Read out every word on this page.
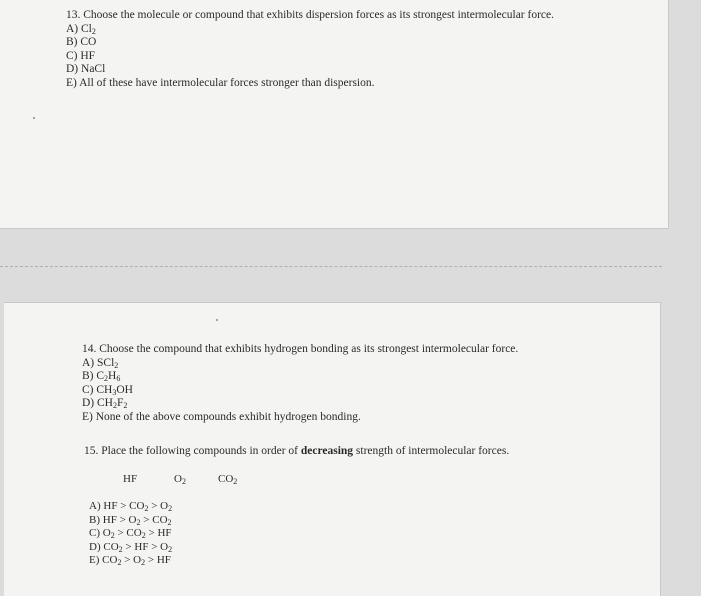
13. Choose the molecule or compound that exhibits dispersion forces as its strongest intermolecular force.

A) $Cl_2$

B) CO

C) HF

D) NaCl

E) All of these have intermolecular forces stronger than dispersion.

14. Choose the compound that exhibits hydrogen bonding as its strongest intermolecular force.

A) SCl$_2$

B) $C_2H_6$

C) $CH_3OH$

D) $CH_2F_2$

E) None of the above compounds exhibit hydrogen bonding.

15. Place the following compounds in order of decreasing strength of intermolecular forces.

HF	$O_2$	$CO_2$

A) HF > $CO_2 > O_2$

B) HF > $O_2 > CO_2$

C) $O_2 > CO_2$ > HF

D) $CO_2$ > HF > $O_2$

E) $CO_2 > O_2$ > HF
